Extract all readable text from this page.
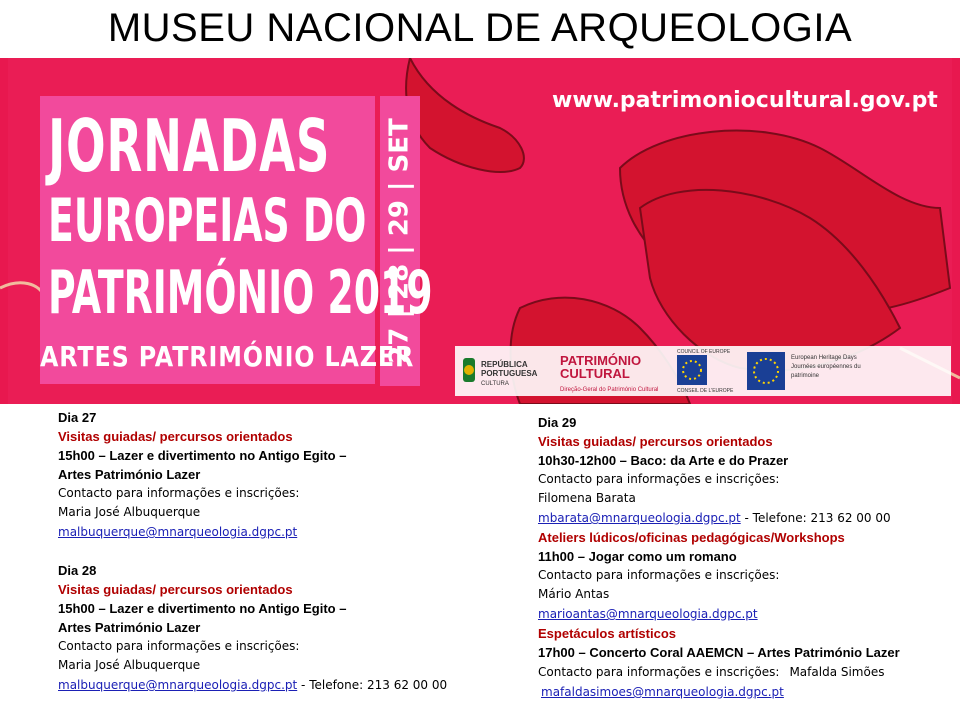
MUSEU NACIONAL DE ARQUEOLOGIA
27 | 28 | 29 | SET
JORNADAS
EUROPEIAS DO
PATRIMÓNIO 2019
ARTES PATRIMÓNIO LAZER
www.patrimoniocultural.gov.pt
REPÚBLICA PORTUGUESA
CULTURA
PATRIMÓNIO
CULTURAL
Direção-Geral do Património Cultural
COUNCIL OF EUROPE
CONSEIL DE L'EUROPE
European Heritage Days
Journées européennes du patrimoine

Dia 27

Visitas guiadas/ percursos orientados

15h00 – Lazer e divertimento no Antigo Egito –

Artes Património Lazer

Contacto para informações e inscrições:

Maria José Albuquerque

malbuquerque@mnarqueologia.dgpc.pt

Dia 28

Visitas guiadas/ percursos orientados

15h00 – Lazer e divertimento no Antigo Egito –

Artes Património Lazer

Contacto para informações e inscrições:

Maria José Albuquerque

malbuquerque@mnarqueologia.dgpc.pt - Telefone: 213 62 00 00

Dia 29

Visitas guiadas/ percursos orientados

10h30-12h00 – Baco: da Arte e do Prazer

Contacto para informações e inscrições:

Filomena Barata

mbarata@mnarqueologia.dgpc.pt - Telefone: 213 62 00 00

Ateliers lúdicos/oficinas pedagógicas/Workshops

11h00 – Jogar como um romano

Contacto para informações e inscrições:

Mário Antas

marioantas@mnarqueologia.dgpc.pt

Espetáculos artísticos

17h00 – Concerto Coral AAEMCN – Artes Património Lazer

Contacto para informações e inscrições: Mafalda Simões

mafaldasimoes@mnarqueologia.dgpc.pt
